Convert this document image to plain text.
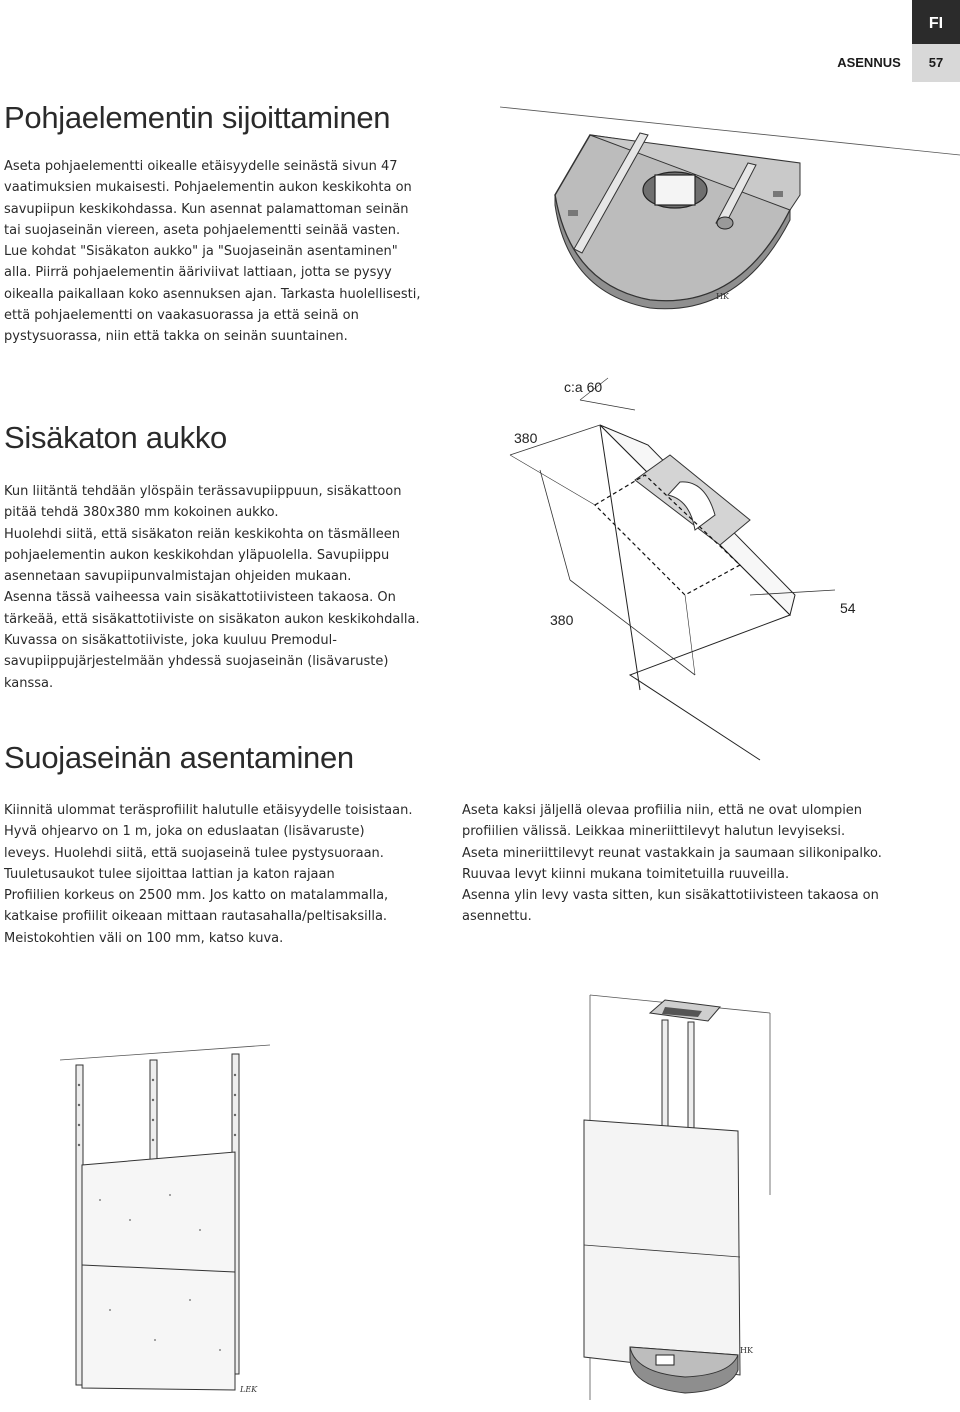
FI
ASENNUS	57
Pohjaelementin sijoittaminen
Aseta pohjaelementti oikealle etäisyydelle seinästä sivun 47
vaatimuksien mukaisesti. Pohjaelementin aukon keskikohta on
savupiipun keskikohdassa. Kun asennat palamattoman seinän
tai suojaseinän viereen, aseta pohjaelementti seinää vasten.
Lue kohdat "Sisäkaton aukko" ja "Suojaseinän asentaminen"
alla. Piirrä pohjaelementin ääriviivat lattiaan, jotta se pysyy
oikealla paikallaan koko asennuksen ajan. Tarkasta huolellisesti,
että pohjaelementti on vaakasuorassa ja että seinä on
pystysuorassa, niin että takka on seinän suuntainen.
HK
Sisäkaton aukko
Kun liitäntä tehdään ylöspäin terässavupiippuun, sisäkattoon
pitää tehdä 380x380 mm kokoinen aukko.
Huolehdi siitä, että sisäkaton reiän keskikohta on täsmälleen
pohjaelementin aukon keskikohdan yläpuolella. Savupiippu
asennetaan savupiipunvalmistajan ohjeiden mukaan.
Asenna tässä vaiheessa vain sisäkattotiivisteen takaosa. On
tärkeää, että sisäkattotiiviste on sisäkaton aukon keskikohdalla.
Kuvassa on sisäkattotiiviste, joka kuuluu Premodul-
savupiippujärjestelmään yhdessä suojaseinän (lisävaruste)
kanssa.
c:a 60
380
380
54
Suojaseinän asentaminen
Kiinnitä ulommat teräsprofiilit halutulle etäisyydelle toisistaan.
Hyvä ohjearvo on 1 m, joka on eduslaatan (lisävaruste)
leveys. Huolehdi siitä, että suojaseinä tulee pystysuoraan.
Tuuletusaukot tulee sijoittaa lattian ja katon rajaan
Profiilien korkeus on 2500 mm. Jos katto on matalammalla,
katkaise profiilit oikeaan mittaan rautasahalla/peltisaksilla.
Meistokohtien väli on 100 mm, katso kuva.
Aseta kaksi jäljellä olevaa profiilia niin, että ne ovat ulompien
profiilien välissä. Leikkaa mineriittilevyt halutun levyiseksi.
Aseta mineriittilevyt reunat vastakkain ja saumaan silikonipalko.
Ruuvaa levyt kiinni mukana toimitetuilla ruuveilla.
Asenna ylin levy vasta sitten, kun sisäkattotiivisteen takaosa on
asennettu.
LEK
HK
